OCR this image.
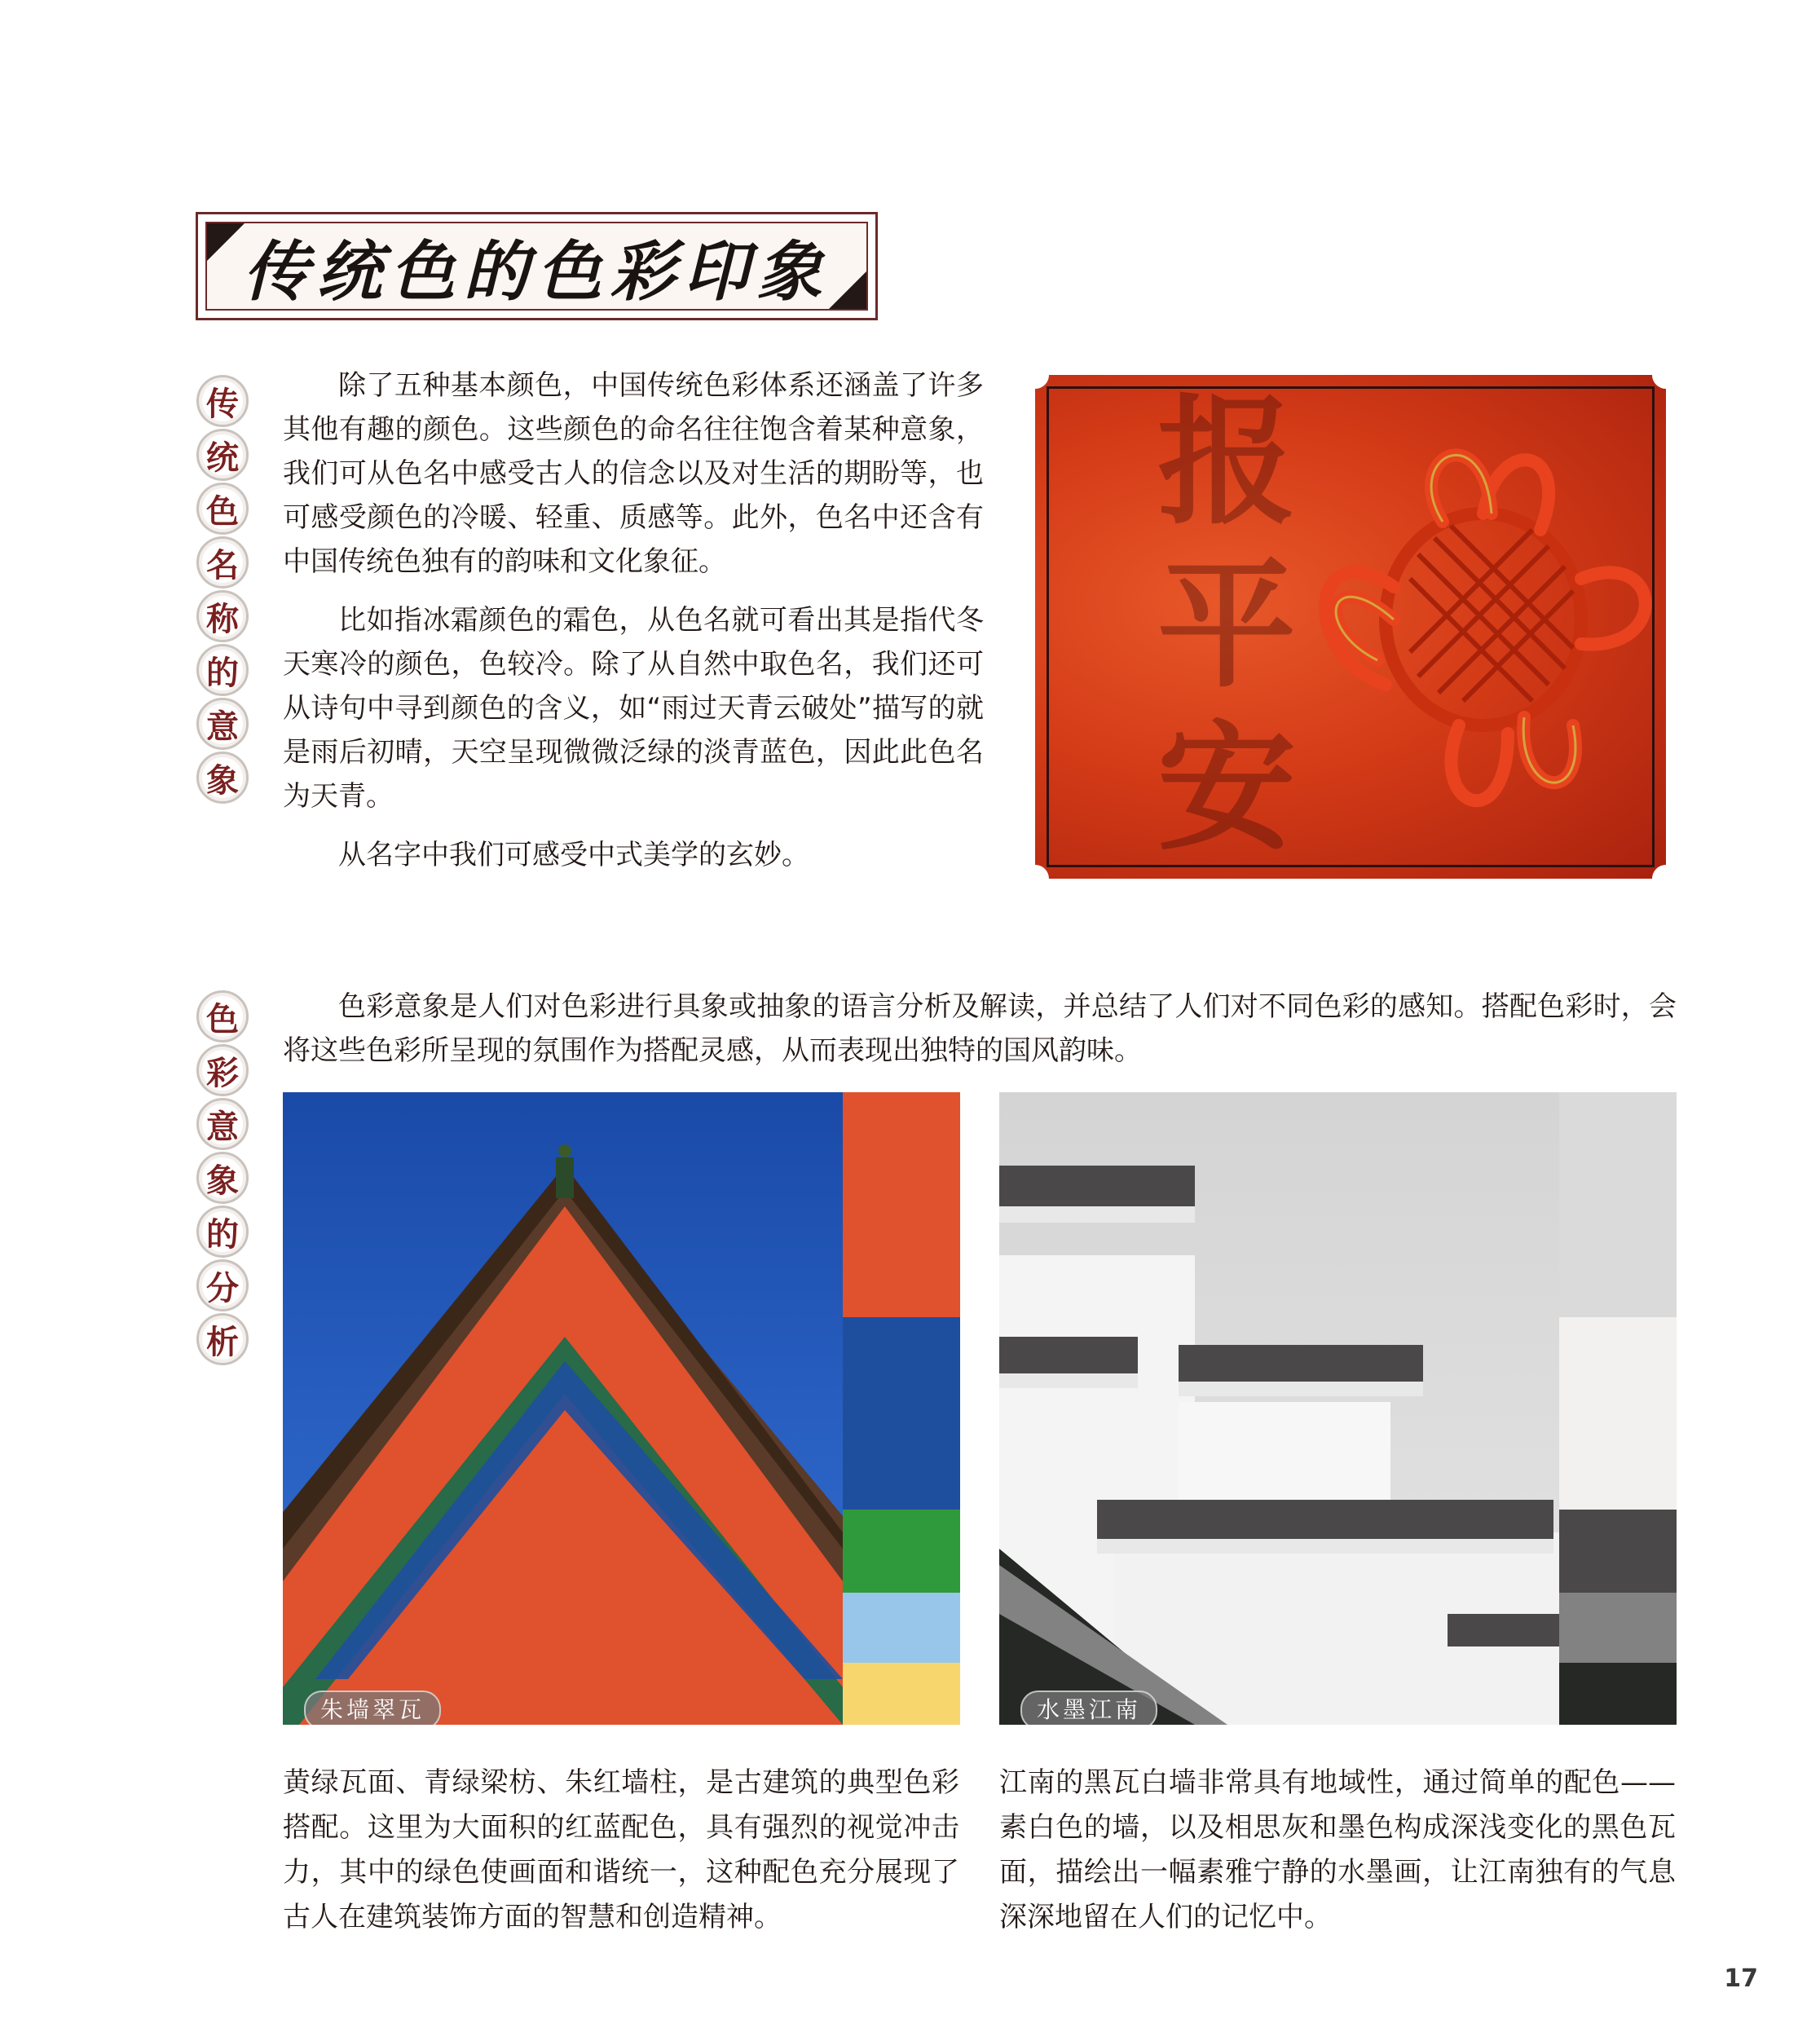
传统色的色彩印象
传
统
色
名
称
的
意
象

除了五种基本颜色，中国传统色彩体系还涵盖了许多其他有趣的颜色。这些颜色的命名往往饱含着某种意象，我们可从色名中感受古人的信念以及对生活的期盼等，也可感受颜色的冷暖、轻重、质感等。此外，色名中还含有中国传统色独有的韵味和文化象征。

比如指冰霜颜色的霜色，从色名就可看出其是指代冬天寒冷的颜色，色较冷。除了从自然中取色名，我们还可从诗句中寻到颜色的含义，如“雨过天青云破处”描写的就是雨后初晴，天空呈现微微泛绿的淡青蓝色，因此此色名为天青。

从名字中我们可感受中式美学的玄妙。

报
平
安
色
彩
意
象
的
分
析

色彩意象是人们对色彩进行具象或抽象的语言分析及解读，并总结了人们对不同色彩的感知。搭配色彩时，会将这些色彩所呈现的氛围作为搭配灵感，从而表现出独特的国风韵味。

朱墙翠瓦	水墨江南

黄绿瓦面、青绿梁枋、朱红墙柱，是古建筑的典型色彩搭配。这里为大面积的红蓝配色，具有强烈的视觉冲击力，其中的绿色使画面和谐统一，这种配色充分展现了古人在建筑装饰方面的智慧和创造精神。

江南的黑瓦白墙非常具有地域性，通过简单的配色——素白色的墙，以及相思灰和墨色构成深浅变化的黑色瓦面，描绘出一幅素雅宁静的水墨画，让江南独有的气息深深地留在人们的记忆中。

17
